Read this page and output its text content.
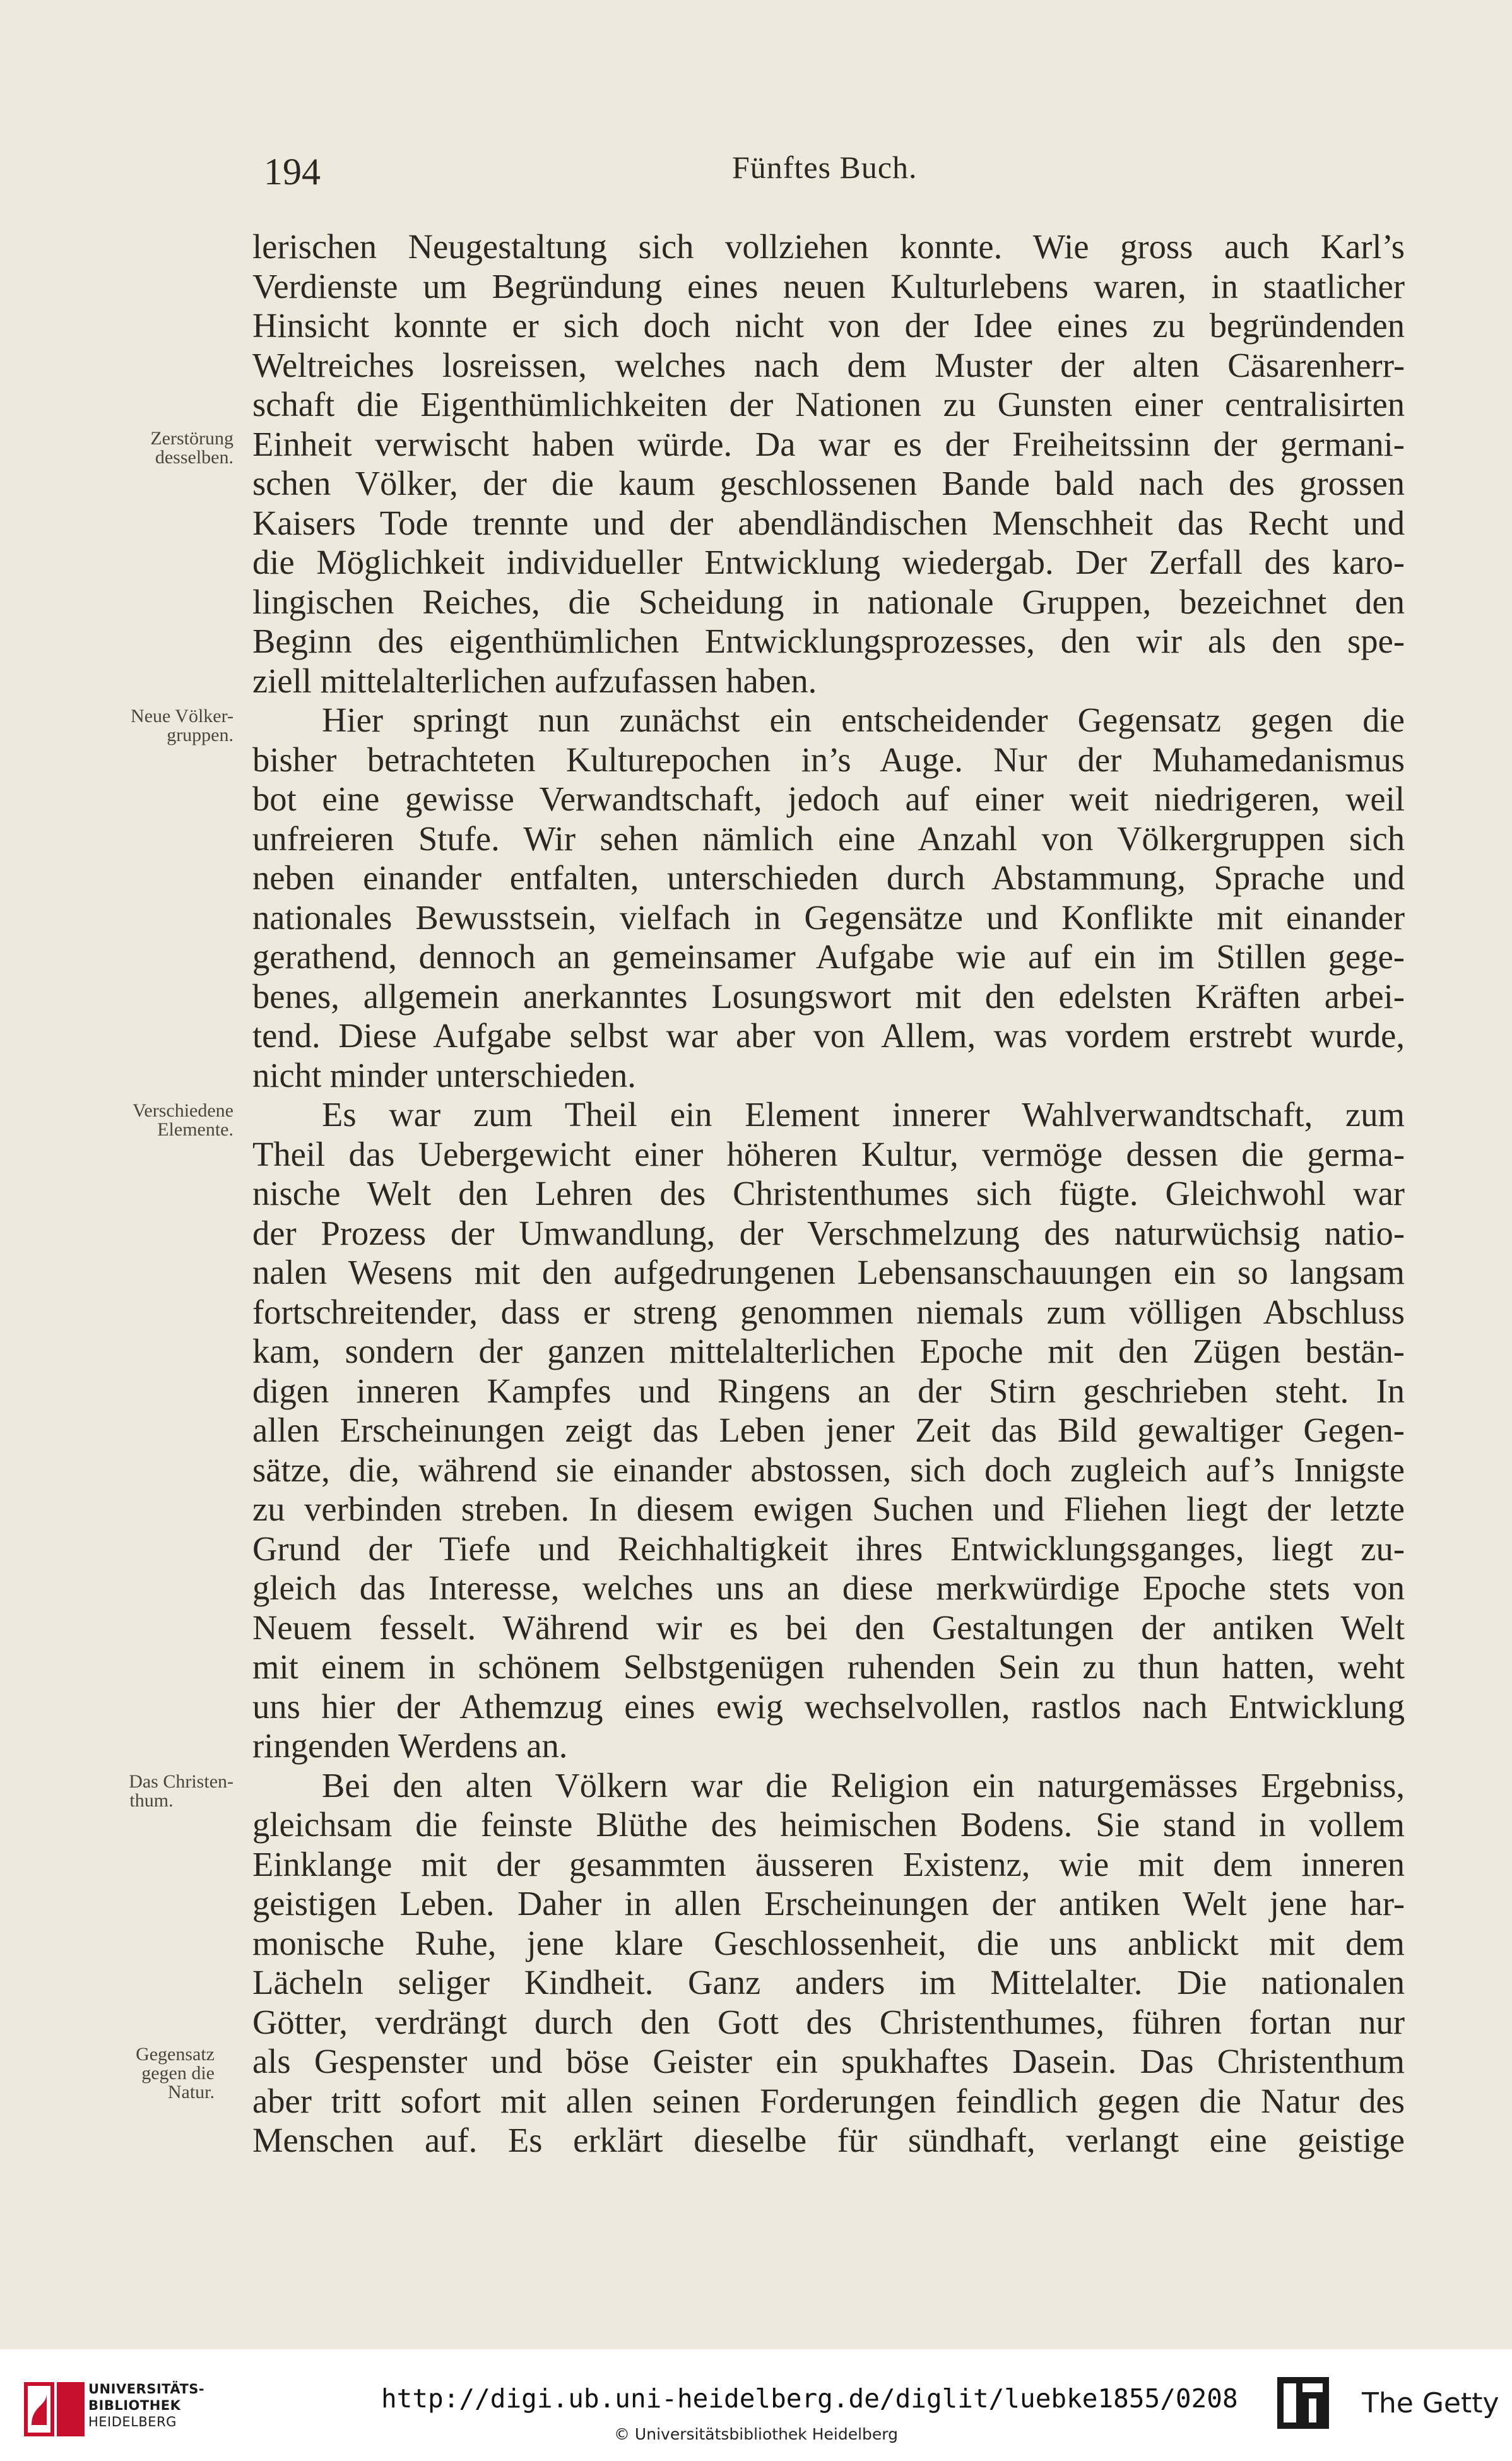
194	Fünftes Buch.
lerischen Neugestaltung sich vollziehen konnte. Wie gross auch Karl’s
Verdienste um Begründung eines neuen Kulturlebens waren, in staatlicher
Hinsicht konnte er sich doch nicht von der Idee eines zu begründenden
Weltreiches losreissen, welches nach dem Muster der alten Cäsarenherr-
schaft die Eigenthümlichkeiten der Nationen zu Gunsten einer centralisirten
Einheit verwischt haben würde. Da war es der Freiheitssinn der germani-
schen Völker, der die kaum geschlossenen Bande bald nach des grossen
Kaisers Tode trennte und der abendländischen Menschheit das Recht und
die Möglichkeit individueller Entwicklung wiedergab. Der Zerfall des karo-
lingischen Reiches, die Scheidung in nationale Gruppen, bezeichnet den
Beginn des eigenthümlichen Entwicklungsprozesses, den wir als den spe-
ziell mittelalterlichen aufzufassen haben.
Hier springt nun zunächst ein entscheidender Gegensatz gegen die
bisher betrachteten Kulturepochen in’s Auge. Nur der Muhamedanismus
bot eine gewisse Verwandtschaft, jedoch auf einer weit niedrigeren, weil
unfreieren Stufe. Wir sehen nämlich eine Anzahl von Völkergruppen sich
neben einander entfalten, unterschieden durch Abstammung, Sprache und
nationales Bewusstsein, vielfach in Gegensätze und Konflikte mit einander
gerathend, dennoch an gemeinsamer Aufgabe wie auf ein im Stillen gege-
benes, allgemein anerkanntes Losungswort mit den edelsten Kräften arbei-
tend. Diese Aufgabe selbst war aber von Allem, was vordem erstrebt wurde,
nicht minder unterschieden.
Es war zum Theil ein Element innerer Wahlverwandtschaft, zum
Theil das Uebergewicht einer höheren Kultur, vermöge dessen die germa-
nische Welt den Lehren des Christenthumes sich fügte. Gleichwohl war
der Prozess der Umwandlung, der Verschmelzung des naturwüchsig natio-
nalen Wesens mit den aufgedrungenen Lebensanschauungen ein so langsam
fortschreitender, dass er streng genommen niemals zum völligen Abschluss
kam, sondern der ganzen mittelalterlichen Epoche mit den Zügen bestän-
digen inneren Kampfes und Ringens an der Stirn geschrieben steht. In
allen Erscheinungen zeigt das Leben jener Zeit das Bild gewaltiger Gegen-
sätze, die, während sie einander abstossen, sich doch zugleich auf’s Innigste
zu verbinden streben. In diesem ewigen Suchen und Fliehen liegt der letzte
Grund der Tiefe und Reichhaltigkeit ihres Entwicklungsganges, liegt zu-
gleich das Interesse, welches uns an diese merkwürdige Epoche stets von
Neuem fesselt. Während wir es bei den Gestaltungen der antiken Welt
mit einem in schönem Selbstgenügen ruhenden Sein zu thun hatten, weht
uns hier der Athemzug eines ewig wechselvollen, rastlos nach Entwicklung
ringenden Werdens an.
Bei den alten Völkern war die Religion ein naturgemässes Ergebniss,
gleichsam die feinste Blüthe des heimischen Bodens. Sie stand in vollem
Einklange mit der gesammten äusseren Existenz, wie mit dem inneren
geistigen Leben. Daher in allen Erscheinungen der antiken Welt jene har-
monische Ruhe, jene klare Geschlossenheit, die uns anblickt mit dem
Lächeln seliger Kindheit. Ganz anders im Mittelalter. Die nationalen
Götter, verdrängt durch den Gott des Christenthumes, führen fortan nur
als Gespenster und böse Geister ein spukhaftes Dasein. Das Christenthum
aber tritt sofort mit allen seinen Forderungen feindlich gegen die Natur des
Menschen auf. Es erklärt dieselbe für sündhaft, verlangt eine geistige
Zerstörung
desselben.
Neue Völker-
gruppen.
Verschiedene
Elemente.
Das Christen-

thum.
Gegensatz
gegen die
Natur.
UNIVERSITÄTS-
BIBLIOTHEK
HEIDELBERG
http://digi.ub.uni-heidelberg.de/diglit/luebke1855/0208
© Universitätsbibliothek Heidelberg
The Getty
